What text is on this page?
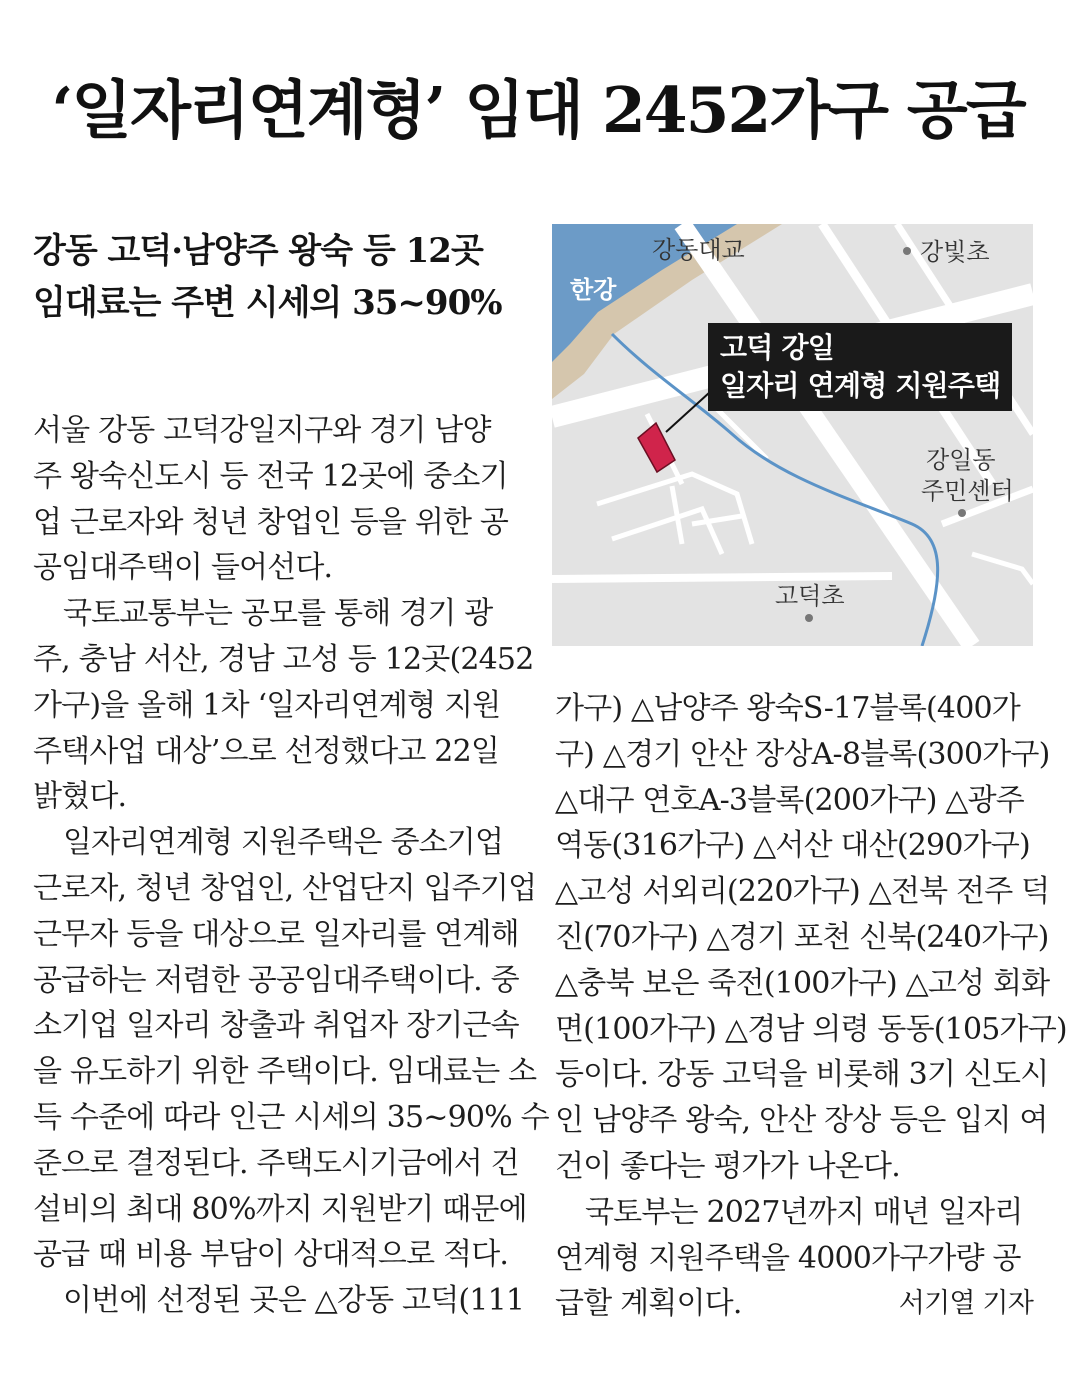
‘일자리연계형’ 임대 2452가구 공급
강동 고덕·남양주 왕숙 등 12곳
임대료는 주변 시세의 35~90%
강동대교
한강
강빛초
강일동
주민센터
고덕초
고덕 강일
일자리 연계형 지원주택

서울 강동 고덕강일지구와 경기 남양

주 왕숙신도시 등 전국 12곳에 중소기

업 근로자와 청년 창업인 등을 위한 공

공임대주택이 들어선다.

국토교통부는 공모를 통해 경기 광

주, 충남 서산, 경남 고성 등 12곳(2452

가구)을 올해 1차 ‘일자리연계형 지원

주택사업 대상’으로 선정했다고 22일

밝혔다.

일자리연계형 지원주택은 중소기업

근로자, 청년 창업인, 산업단지 입주기업

근무자 등을 대상으로 일자리를 연계해

공급하는 저렴한 공공임대주택이다. 중

소기업 일자리 창출과 취업자 장기근속

을 유도하기 위한 주택이다. 임대료는 소

득 수준에 따라 인근 시세의 35~90% 수

준으로 결정된다. 주택도시기금에서 건

설비의 최대 80%까지 지원받기 때문에

공급 때 비용 부담이 상대적으로 적다.

이번에 선정된 곳은 △강동 고덕(111

가구) △남양주 왕숙S-17블록(400가

구) △경기 안산 장상A-8블록(300가구)

△대구 연호A-3블록(200가구) △광주

역동(316가구) △서산 대산(290가구)

△고성 서외리(220가구) △전북 전주 덕

진(70가구) △경기 포천 신북(240가구)

△충북 보은 죽전(100가구) △고성 회화

면(100가구) △경남 의령 동동(105가구)

등이다. 강동 고덕을 비롯해 3기 신도시

인 남양주 왕숙, 안산 장상 등은 입지 여

건이 좋다는 평가가 나온다.

국토부는 2027년까지 매년 일자리

연계형 지원주택을 4000가구가량 공

급할 계획이다.	서기열 기자
